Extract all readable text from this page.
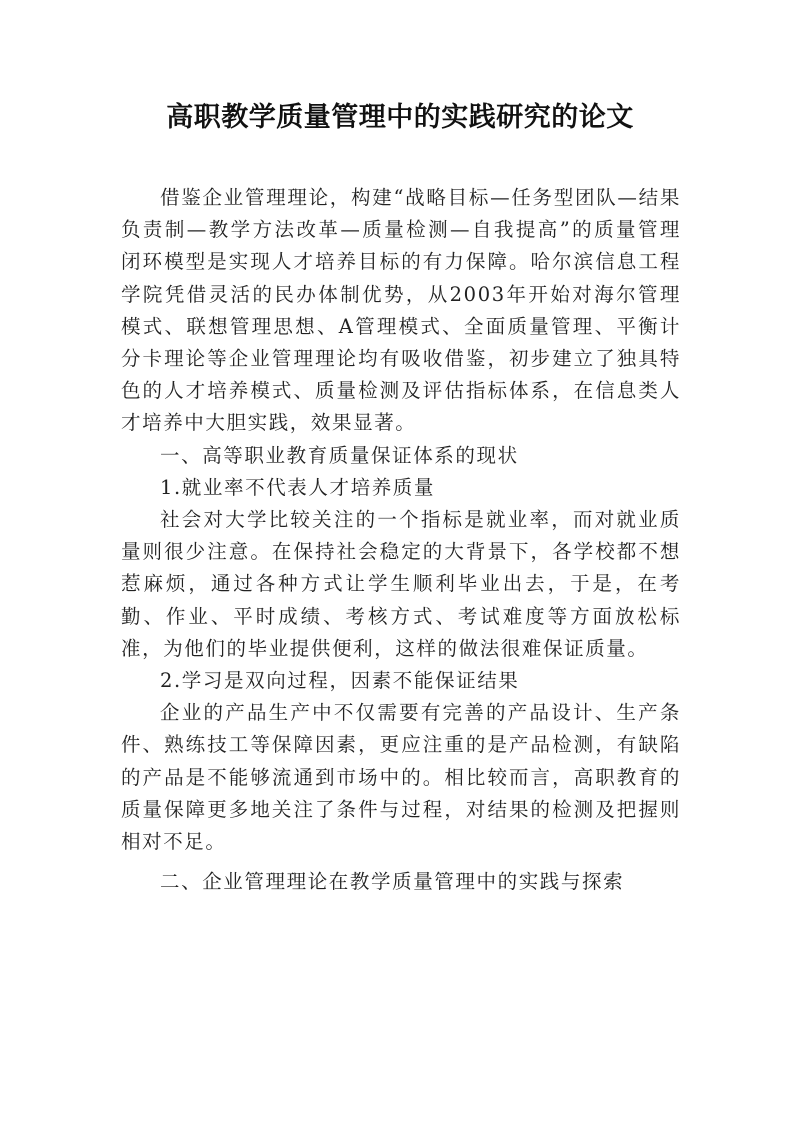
高职教学质量管理中的实践研究的论文

借鉴企业管理理论，构建“战略目标—任务型团队—结果负责制—教学方法改革—质量检测—自我提高”的质量管理闭环模型是实现人才培养目标的有力保障。哈尔滨信息工程学院凭借灵活的民办体制优势，从2003年开始对海尔管理模式、联想管理思想、A管理模式、全面质量管理、平衡计分卡理论等企业管理理论均有吸收借鉴，初步建立了独具特色的人才培养模式、质量检测及评估指标体系，在信息类人才培养中大胆实践，效果显著。

一、高等职业教育质量保证体系的现状

1.就业率不代表人才培养质量

社会对大学比较关注的一个指标是就业率，而对就业质量则很少注意。在保持社会稳定的大背景下，各学校都不想惹麻烦，通过各种方式让学生顺利毕业出去，于是，在考勤、作业、平时成绩、考核方式、考试难度等方面放松标准，为他们的毕业提供便利，这样的做法很难保证质量。

2.学习是双向过程，因素不能保证结果

企业的产品生产中不仅需要有完善的产品设计、生产条件、熟练技工等保障因素，更应注重的是产品检测，有缺陷的产品是不能够流通到市场中的。相比较而言，高职教育的质量保障更多地关注了条件与过程，对结果的检测及把握则相对不足。

二、企业管理理论在教学质量管理中的实践与探索
